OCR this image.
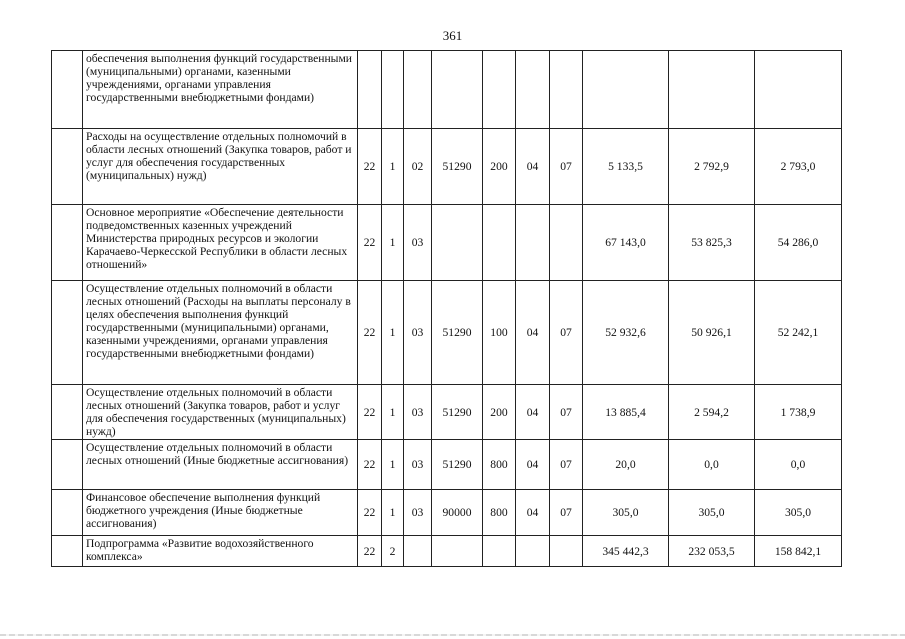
361
	обеспечения выполнения функций государственными (муниципальными) органами, казенными учреждениями, органами управления государственными внебюджетными фондами)										
	Расходы на осуществление отдельных полномочий в области лесных отношений (Закупка товаров, работ и услуг для обеспечения государственных (муниципальных) нужд)	22	1	02	51290	200	04	07	5 133,5	2 792,9	2 793,0
	Основное мероприятие «Обеспечение деятельности подведомственных казенных учреждений Министерства природных ресурсов и экологии Карачаево-Черкесской Республики в области лесных отношений»	22	1	03					67 143,0	53 825,3	54 286,0
	Осуществление отдельных полномочий в области лесных отношений (Расходы на выплаты персоналу в целях обеспечения выполнения функций государственными (муниципальными) органами, казенными учреждениями, органами управления государственными внебюджетными фондами)	22	1	03	51290	100	04	07	52 932,6	50 926,1	52 242,1
	Осуществление отдельных полномочий в области лесных отношений (Закупка товаров, работ и услуг для обеспечения государственных (муниципальных) нужд)	22	1	03	51290	200	04	07	13 885,4	2 594,2	1 738,9
	Осуществление отдельных полномочий в области лесных отношений (Иные бюджетные ассигнования)	22	1	03	51290	800	04	07	20,0	0,0	0,0
	Финансовое обеспечение выполнения функций бюджетного учреждения (Иные бюджетные ассигнования)	22	1	03	90000	800	04	07	305,0	305,0	305,0
	Подпрограмма «Развитие водохозяйственного комплекса»	22	2						345 442,3	232 053,5	158 842,1
